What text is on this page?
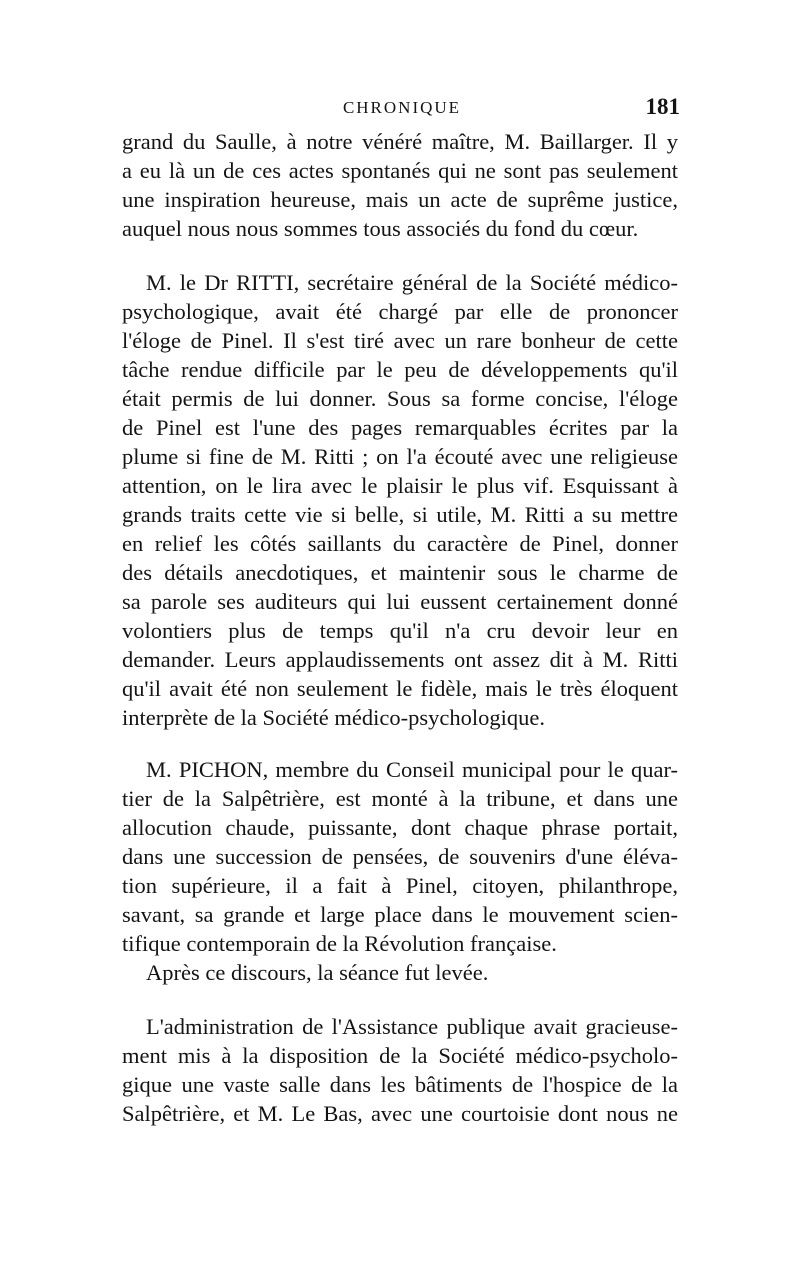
CHRONIQUE	181
grand du Saulle, à notre vénéré maître, M. Baillarger. Il y
a eu là un de ces actes spontanés qui ne sont pas seulement
une inspiration heureuse, mais un acte de suprême justice,
auquel nous nous sommes tous associés du fond du cœur.
M. le Dr RITTI, secrétaire général de la Société médico-
psychologique, avait été chargé par elle de prononcer
l'éloge de Pinel. Il s'est tiré avec un rare bonheur de cette
tâche rendue difficile par le peu de développements qu'il
était permis de lui donner. Sous sa forme concise, l'éloge
de Pinel est l'une des pages remarquables écrites par la
plume si fine de M. Ritti ; on l'a écouté avec une religieuse
attention, on le lira avec le plaisir le plus vif. Esquissant à
grands traits cette vie si belle, si utile, M. Ritti a su mettre
en relief les côtés saillants du caractère de Pinel, donner
des détails anecdotiques, et maintenir sous le charme de
sa parole ses auditeurs qui lui eussent certainement donné
volontiers plus de temps qu'il n'a cru devoir leur en
demander. Leurs applaudissements ont assez dit à M. Ritti
qu'il avait été non seulement le fidèle, mais le très éloquent
interprète de la Société médico-psychologique.
M. PICHON, membre du Conseil municipal pour le quar-
tier de la Salpêtrière, est monté à la tribune, et dans une
allocution chaude, puissante, dont chaque phrase portait,
dans une succession de pensées, de souvenirs d'une éléva-
tion supérieure, il a fait à Pinel, citoyen, philanthrope,
savant, sa grande et large place dans le mouvement scien-
tifique contemporain de la Révolution française.
Après ce discours, la séance fut levée.
L'administration de l'Assistance publique avait gracieuse-
ment mis à la disposition de la Société médico-psycholo-
gique une vaste salle dans les bâtiments de l'hospice de la
Salpêtrière, et M. Le Bas, avec une courtoisie dont nous ne
